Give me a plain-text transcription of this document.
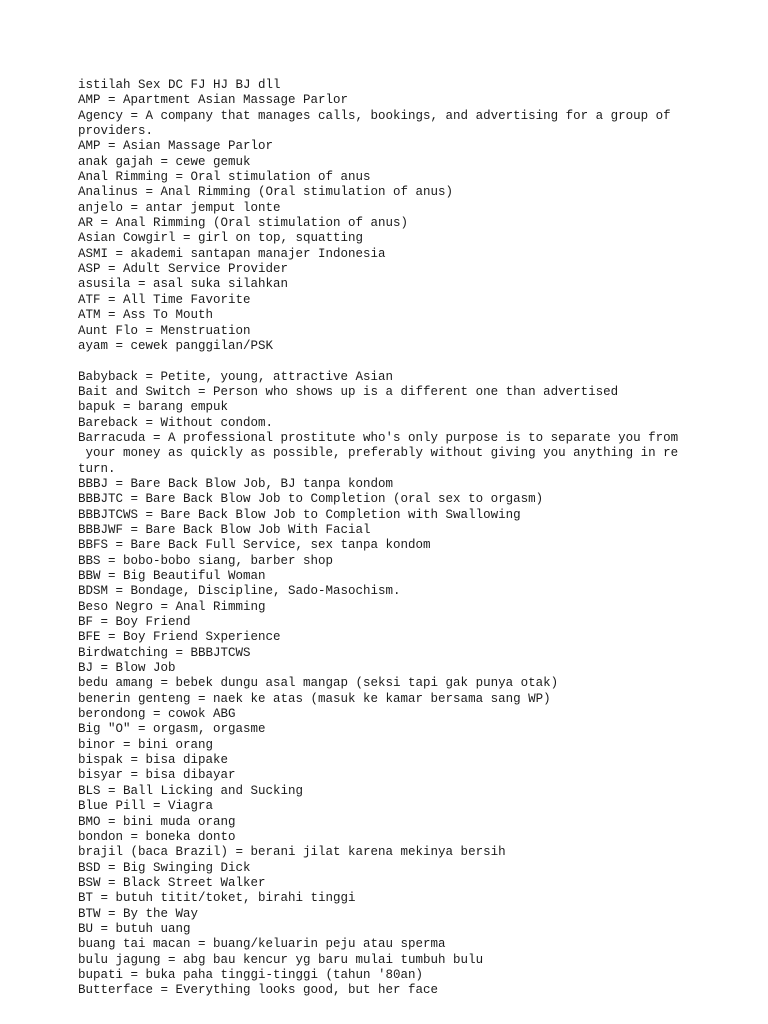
istilah Sex DC FJ HJ BJ dll
AMP = Apartment Asian Massage Parlor
Agency = A company that manages calls, bookings, and advertising for a group of
providers.
AMP = Asian Massage Parlor
anak gajah = cewe gemuk
Anal Rimming = Oral stimulation of anus
Analinus = Anal Rimming (Oral stimulation of anus)
anjelo = antar jemput lonte
AR = Anal Rimming (Oral stimulation of anus)
Asian Cowgirl = girl on top, squatting
ASMI = akademi santapan manajer Indonesia
ASP = Adult Service Provider
asusila = asal suka silahkan
ATF = All Time Favorite
ATM = Ass To Mouth
Aunt Flo = Menstruation
ayam = cewek panggilan/PSK
Babyback = Petite, young, attractive Asian
Bait and Switch = Person who shows up is a different one than advertised
bapuk = barang empuk
Bareback = Without condom.
Barracuda = A professional prostitute who's only purpose is to separate you from
your money as quickly as possible, preferably without giving you anything in re
turn.
BBBJ = Bare Back Blow Job, BJ tanpa kondom
BBBJTC = Bare Back Blow Job to Completion (oral sex to orgasm)
BBBJTCWS = Bare Back Blow Job to Completion with Swallowing
BBBJWF = Bare Back Blow Job With Facial
BBFS = Bare Back Full Service, sex tanpa kondom
BBS = bobo-bobo siang, barber shop
BBW = Big Beautiful Woman
BDSM = Bondage, Discipline, Sado-Masochism.
Beso Negro = Anal Rimming
BF = Boy Friend
BFE = Boy Friend Sxperience
Birdwatching = BBBJTCWS
BJ = Blow Job
bedu amang = bebek dungu asal mangap (seksi tapi gak punya otak)
benerin genteng = naek ke atas (masuk ke kamar bersama sang WP)
berondong = cowok ABG
Big "O" = orgasm, orgasme
binor = bini orang
bispak = bisa dipake
bisyar = bisa dibayar
BLS = Ball Licking and Sucking
Blue Pill = Viagra
BMO = bini muda orang
bondon = boneka donto
brajil (baca Brazil) = berani jilat karena mekinya bersih
BSD = Big Swinging Dick
BSW = Black Street Walker
BT = butuh titit/toket, birahi tinggi
BTW = By the Way
BU = butuh uang
buang tai macan = buang/keluarin peju atau sperma
bulu jagung = abg bau kencur yg baru mulai tumbuh bulu
bupati = buka paha tinggi-tinggi (tahun '80an)
Butterface = Everything looks good, but her face
